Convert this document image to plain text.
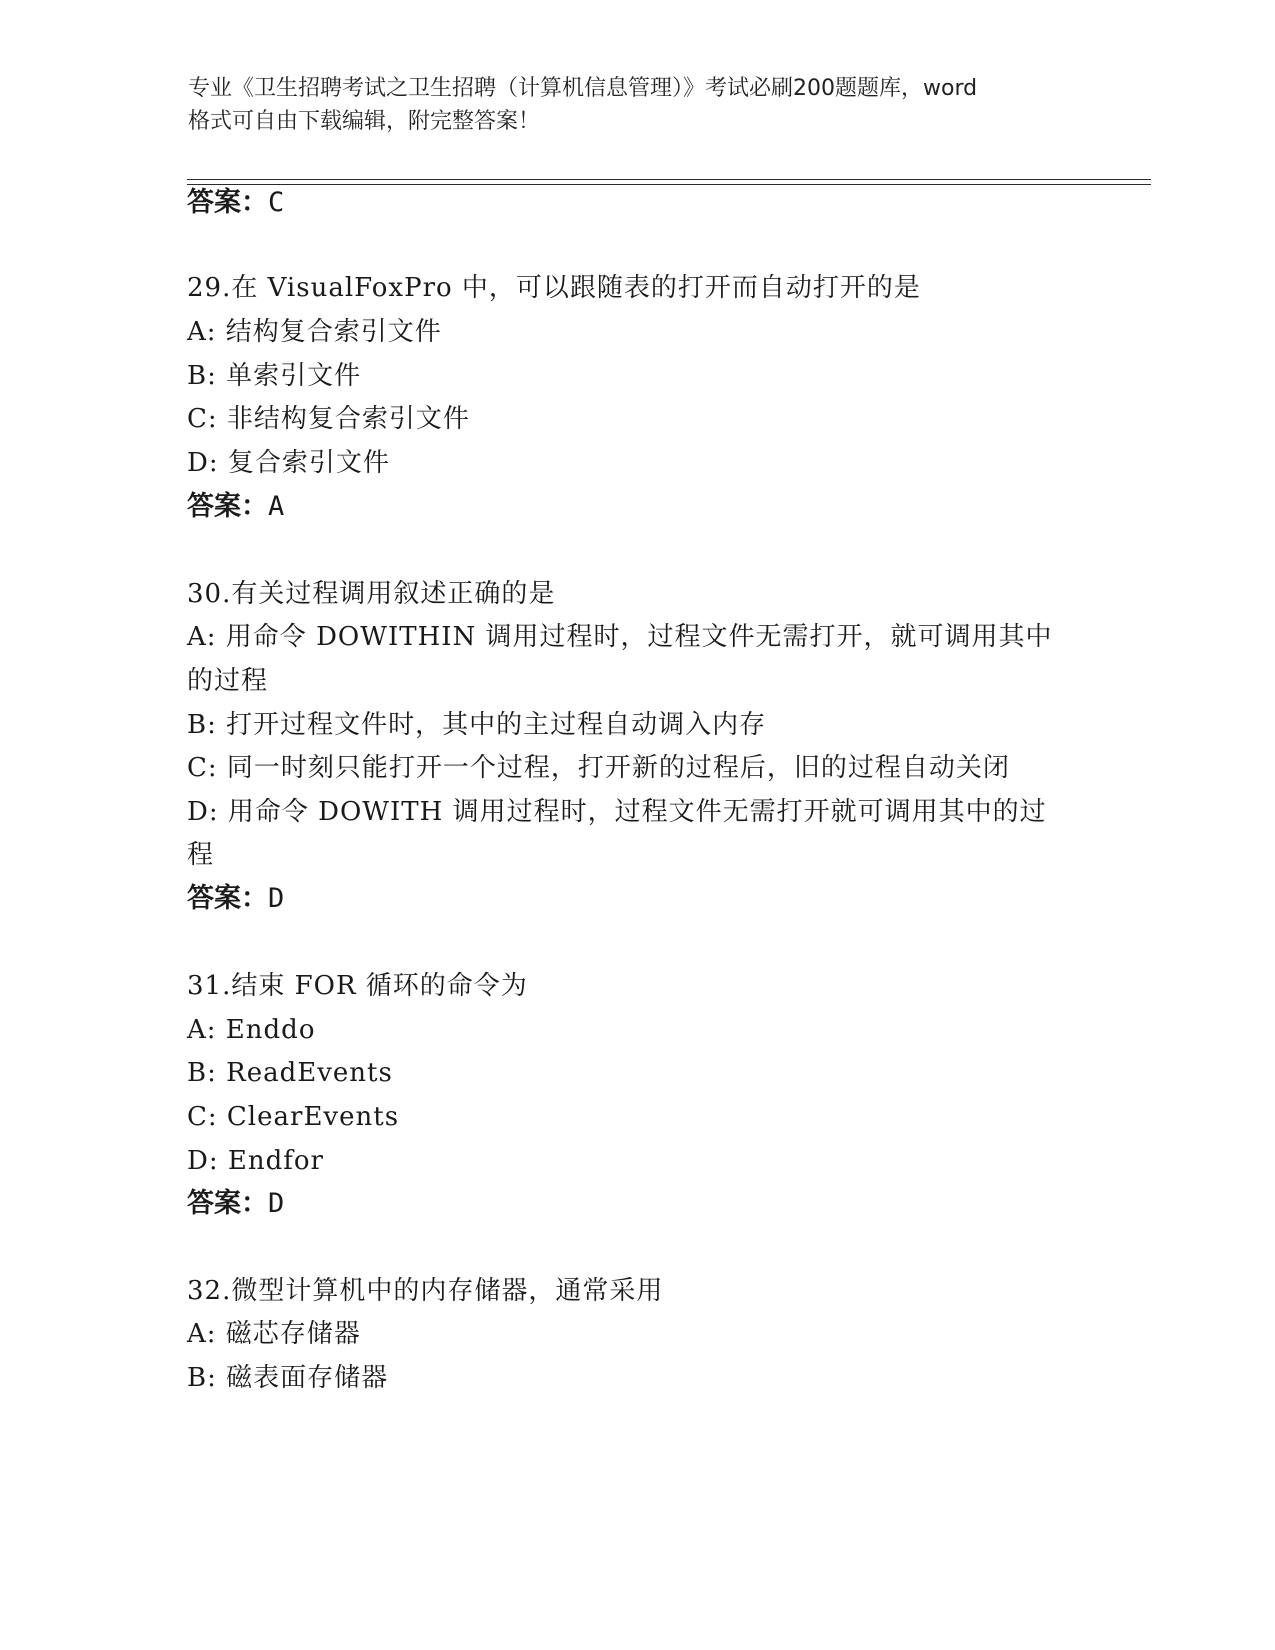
专业《卫生招聘考试之卫生招聘（计算机信息管理）》考试必刷200题题库，word
格式可自由下载编辑，附完整答案！
答案：C
29.在 VisualFoxPro 中，可以跟随表的打开而自动打开的是
A: 结构复合索引文件
B: 单索引文件
C: 非结构复合索引文件
D: 复合索引文件
答案：A
30.有关过程调用叙述正确的是
A: 用命令 DOWITHIN 调用过程时，过程文件无需打开，就可调用其中
的过程
B: 打开过程文件时，其中的主过程自动调入内存
C: 同一时刻只能打开一个过程，打开新的过程后，旧的过程自动关闭
D: 用命令 DOWITH 调用过程时，过程文件无需打开就可调用其中的过
程
答案：D
31.结束 FOR 循环的命令为
A: Enddo
B: ReadEvents
C: ClearEvents
D: Endfor
答案：D
32.微型计算机中的内存储器，通常采用
A: 磁芯存储器
B: 磁表面存储器
